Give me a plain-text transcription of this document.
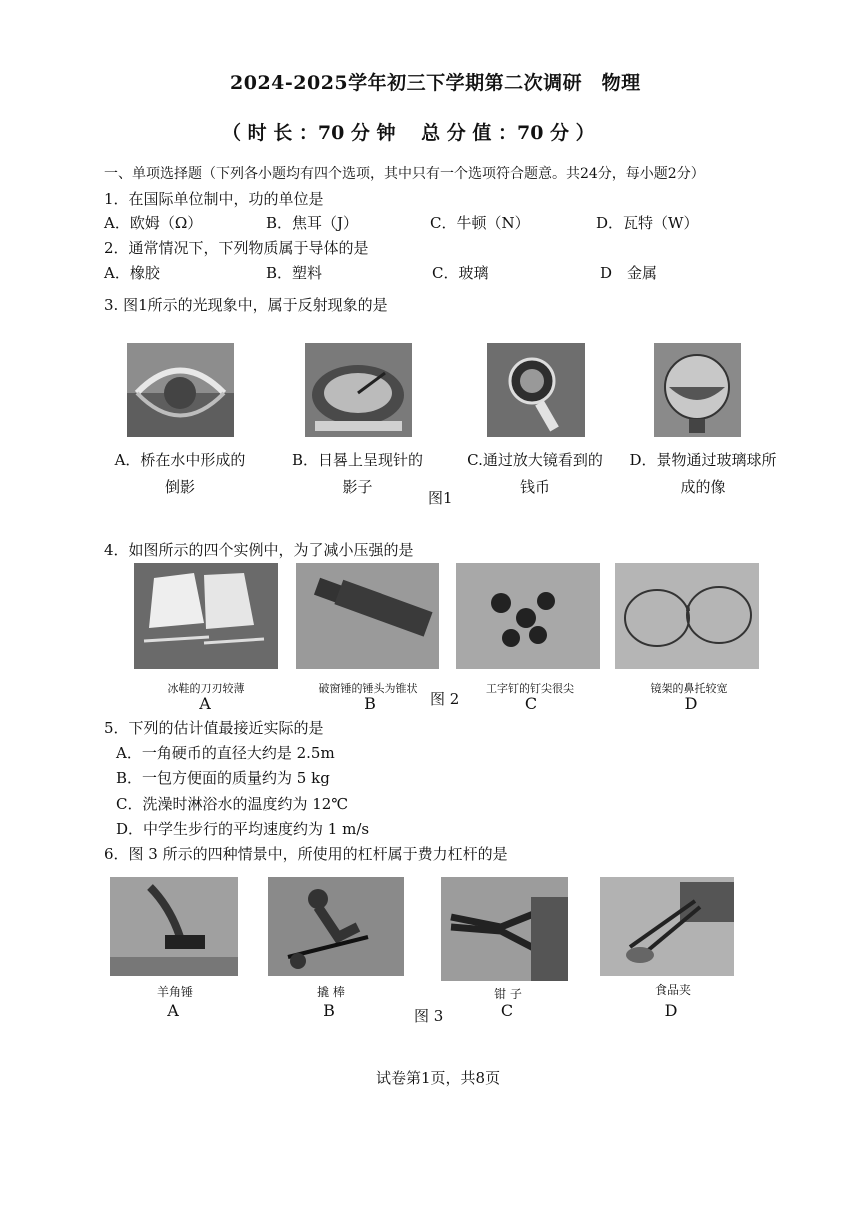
2024-2025学年初三下学期第二次调研　物理
（ 时 长 ：70 分 钟　 总 分 值 ：70 分 ）
一、单项选择题（下列各小题均有四个选项，其中只有一个选项符合题意。共24分，每小题2分）
1．在国际单位制中，功的单位是
A．欧姆（Ω）	B．焦耳（J）	C．牛顿（N）	D．瓦特（W）
2．通常情况下，下列物质属于导体的是
A．橡胶	B．塑料	C．玻璃	D　金属
3. 图1所示的光现象中，属于反射现象的是
A．桥在水中形成的倒影
B．日晷上呈现针的影子
图1
C.通过放大镜看到的钱币
D．景物通过玻璃球所成的像
4．如图所示的四个实例中，为了减小压强的是
冰鞋的刀刃较薄	破窗锤的锤头为锥状
图 2
工字钉的钉尖很尖	镜架的鼻托较宽
A	B	C	D
5．下列的估计值最接近实际的是
A．一角硬币的直径大约是 2.5m
B．一包方便面的质量约为 5 kg
C．洗澡时淋浴水的温度约为 12℃
D．中学生步行的平均速度约为 1 m/s
6．图 3 所示的四种情景中，所使用的杠杆属于费力杠杆的是
羊角锤	撬 棒	钳 子	食品夹
A	B	图 3	C	D
试卷第1页，共8页
